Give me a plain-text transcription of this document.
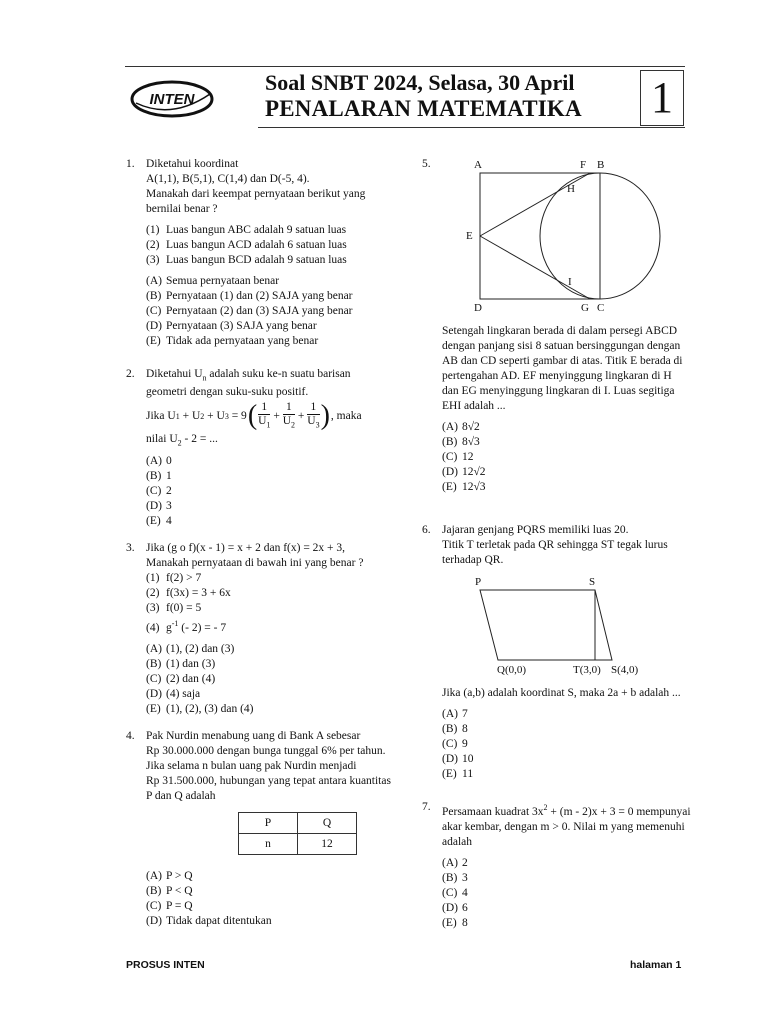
INTEN
Soal SNBT 2024, Selasa, 30 April
PENALARAN MATEMATIKA 1
1. Diketahui koordinat
A(1,1), B(5,1), C(1,4) dan D(-5, 4).
Manakah dari keempat pernyataan berikut yang
bernilai benar ?
(1) Luas bangun ABC adalah 9 satuan luas
(2) Luas bangun ACD adalah 6 satuan luas
(3) Luas bangun BCD adalah 9 satuan luas
(A) Semua pernyataan benar
(B) Pernyataan (1) dan (2) SAJA yang benar
(C) Pernyataan (2) dan (3) SAJA yang benar
(D) Pernyataan (3) SAJA yang benar
(E) Tidak ada pernyataan yang benar
2. Diketahui $U_n$ adalah suku ke-n suatu barisan
geometri dengan suku-suku positif.
Jika U 1 + U 2 + U 3
= 9 ( $\frac{1}{U_1} + \frac{1}{U_2} + \frac{1}{U_3}$ ) , maka
nilai $U_2 - 2$ = ...
(A) 0
(B) 1
(C) 2
(D) 3
(E) 4
3. Jika (g o f)(x - 1) = x + 2 dan f(x) = 2x + 3,
Manakah pernyataan di bawah ini yang benar ?
(1) f(2) > 7
(2) f(3x) = 3 + 6x
(3) f(0) = 5
(4) $g^{-1}$ (- 2) = - 7
(A) (1), (2) dan (3)
(B) (1) dan (3)
(C) (2) dan (4)
(D) (4) saja
(E) (1), (2), (3) dan (4)
4. Pak Nurdin menabung uang di Bank A sebesar
Rp 30.000.000 dengan bunga tunggal 6% per tahun.
Jika selama n bulan uang pak Nurdin menjadi
Rp 31.500.000, hubungan yang tepat antara kuantitas
P dan Q adalah
P	Q
n	12
(A) P > Q
(B) P < Q
(C) P = Q
(D) Tidak dapat ditentukan
5.	A	F B
H
E
I
D	G C
Setengah lingkaran berada di dalam persegi ABCD
dengan panjang sisi 8 satuan bersinggungan dengan
AB dan CD seperti gambar di atas. Titik E berada di
pertengahan AD. EF menyinggung lingkaran di H
dan EG menyinggung lingkaran di I. Luas segitiga
EHI adalah ...
(A) 8√2
(B) 8√3
(C) 12
(D) 12√2
(E) 12√3
6. Jajaran genjang PQRS memiliki luas 20.
Titik T terletak pada QR sehingga ST tegak lurus
terhadap QR.
P	S
Q(0,0)	T(3,0) S(4,0)
Jika (a,b) adalah koordinat S, maka 2a + b adalah ...
(A) 7
(B) 8
(C) 9
(D) 10
(E) 11
7. Persamaan kuadrat $3x^2 + (m - 2)x + 3 = 0$ mempunyai
akar kembar, dengan m > 0. Nilai m yang memenuhi
adalah
(A) 2
(B) 3
(C) 4
(D) 6
(E) 8
PROSUS INTEN	halaman 1
